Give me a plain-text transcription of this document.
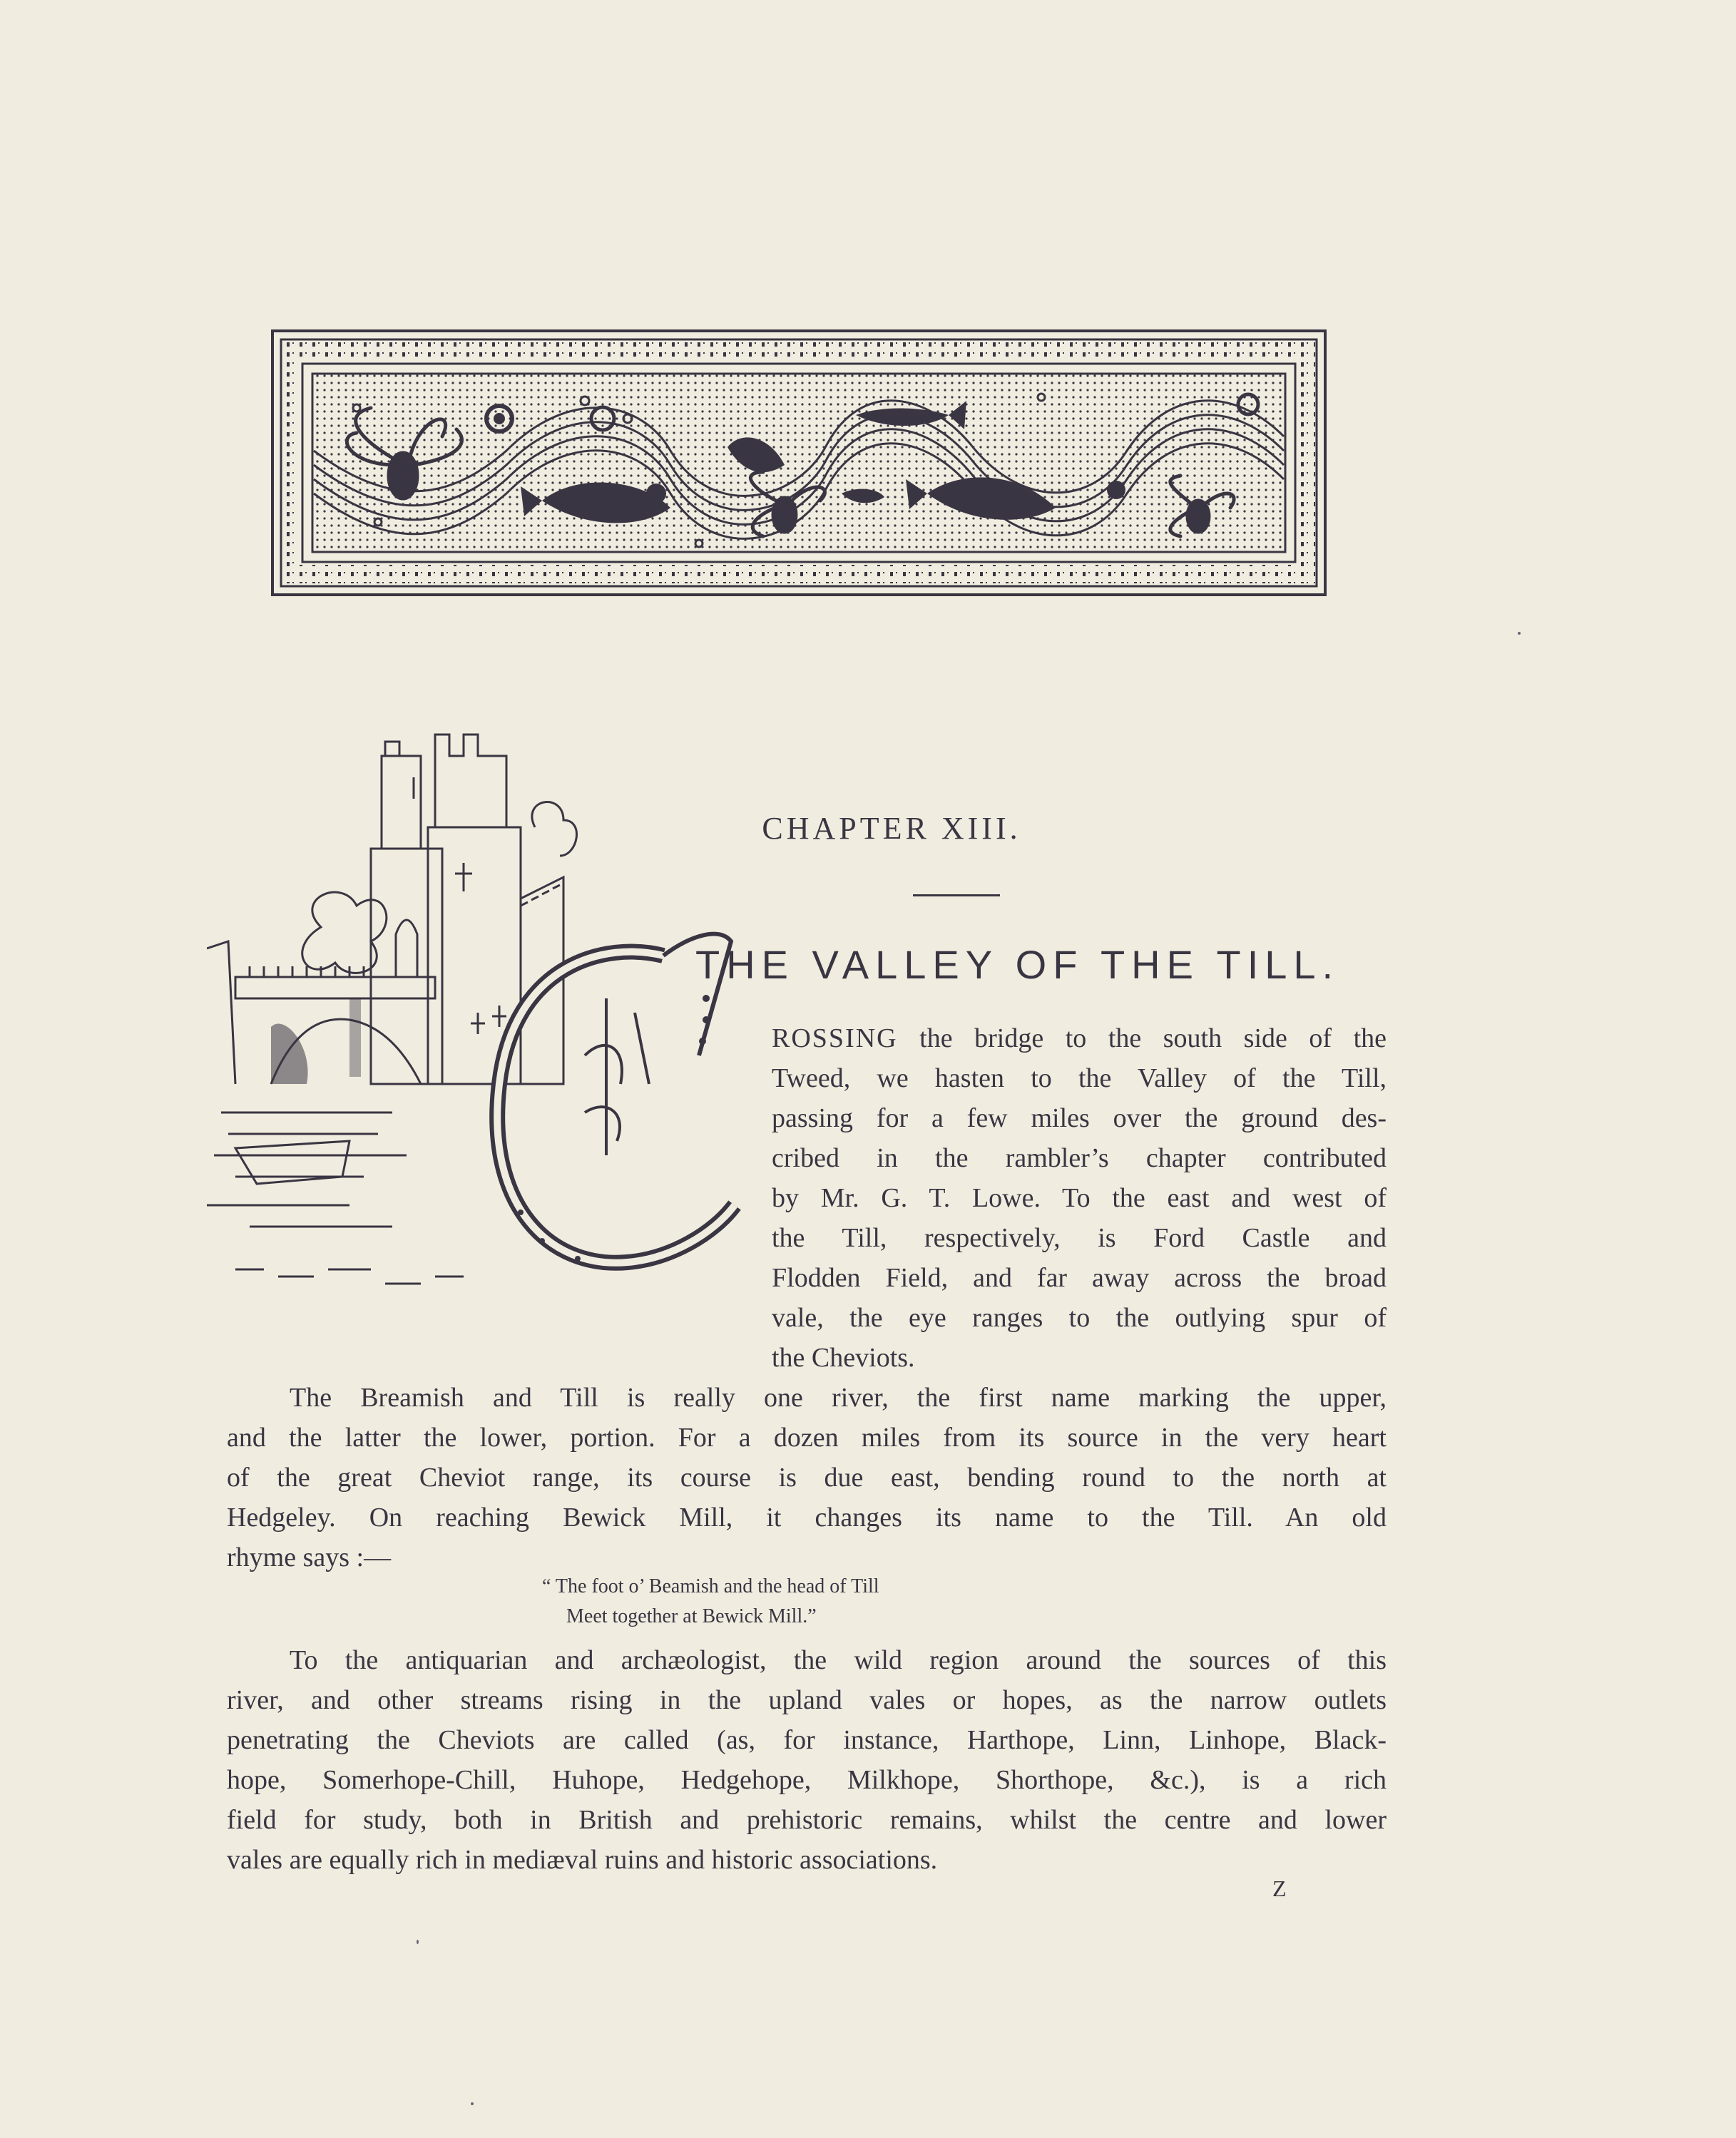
CHAPTER XIII.
THE VALLEY OF THE TILL.
ROSSING the bridge to the south side of the
Tweed, we hasten to the Valley of the Till,
passing for a few miles over the ground des-
cribed in the rambler’s chapter contributed
by Mr. G. T. Lowe. To the east and west of
the Till, respectively, is Ford Castle and
Flodden Field, and far away across the broad
vale, the eye ranges to the outlying spur of
the Cheviots.
The Breamish and Till is really one river, the first name marking the upper,
and the latter the lower, portion. For a dozen miles from its source in the very heart
of the great Cheviot range, its course is due east, bending round to the north at
Hedgeley. On reaching Bewick Mill, it changes its name to the Till. An old
rhyme says :—
“ The foot o’ Beamish and the head of Till
Meet together at Bewick Mill.”
To the antiquarian and archæologist, the wild region around the sources of this
river, and other streams rising in the upland vales or hopes, as the narrow outlets
penetrating the Cheviots are called (as, for instance, Harthope, Linn, Linhope, Black-
hope, Somerhope-Chill, Huhope, Hedgehope, Milkhope, Shorthope, &c.), is a rich
field for study, both in British and prehistoric remains, whilst the centre and lower
vales are equally rich in mediæval ruins and historic associations.
Z
